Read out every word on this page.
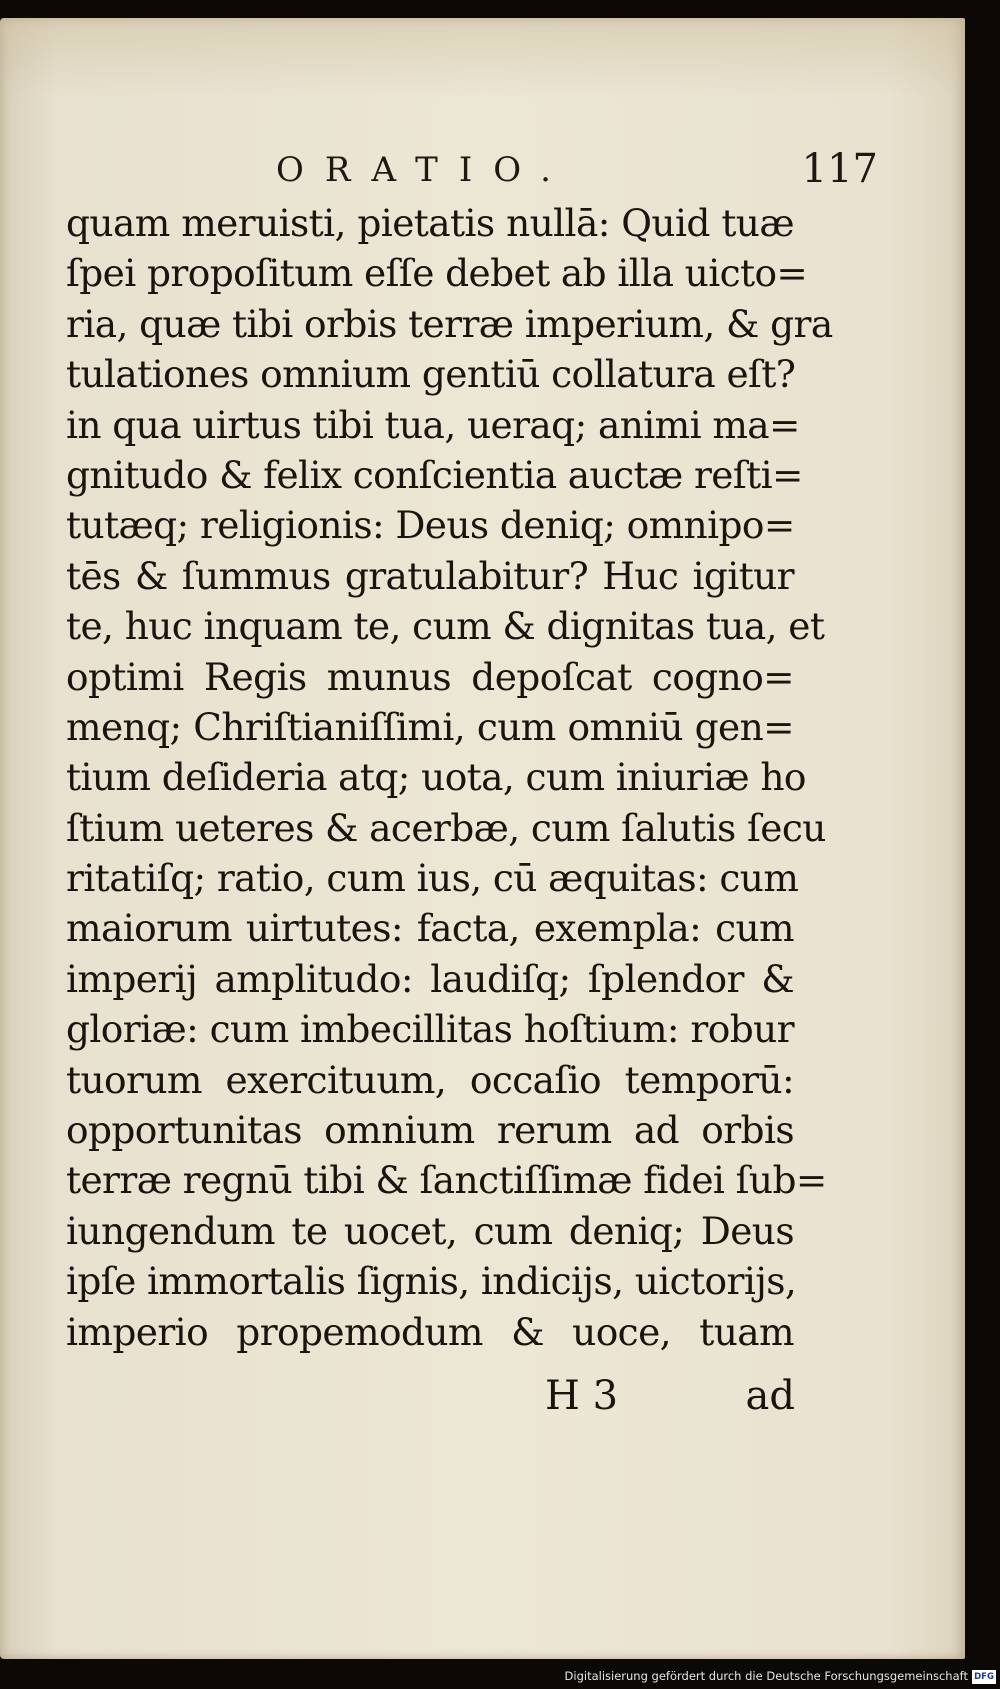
ORATIO.	117
quam meruisti, pietatis nullā: Quid tuæ
ſpei propoſitum eſſe debet ab illa uicto=
ria, quæ tibi orbis terræ imperium, & gra
tulationes omnium gentiū collatura eſt?
in qua uirtus tibi tua, ueraq; animi ma=
gnitudo & felix conſcientia auctæ reſti=
tutæq; religionis: Deus deniq; omnipo=
tēs & ſummus gratulabitur? Huc igitur
te, huc inquam te, cum & dignitas tua, et
optimi Regis munus depoſcat cogno=
menq; Chriſtianiſſimi, cum omniū gen=
tium deſideria atq; uota, cum iniuriæ ho
ſtium ueteres & acerbæ, cum ſalutis ſecu
ritatiſq; ratio, cum ius, cū æquitas: cum
maiorum uirtutes: facta, exempla: cum
imperij amplitudo: laudiſq; ſplendor &
gloriæ: cum imbecillitas hoſtium: robur
tuorum exercituum, occaſio temporū:
opportunitas omnium rerum ad orbis
terræ regnū tibi & ſanctiſſimæ fidei ſub=
iungendum te uocet, cum deniq; Deus
ipſe immortalis ſignis, indicijs, uictorijs,
imperio propemodum & uoce, tuam
H 3	ad
Digitalisierung gefördert durch die Deutsche Forschungsgemeinschaft DFG
